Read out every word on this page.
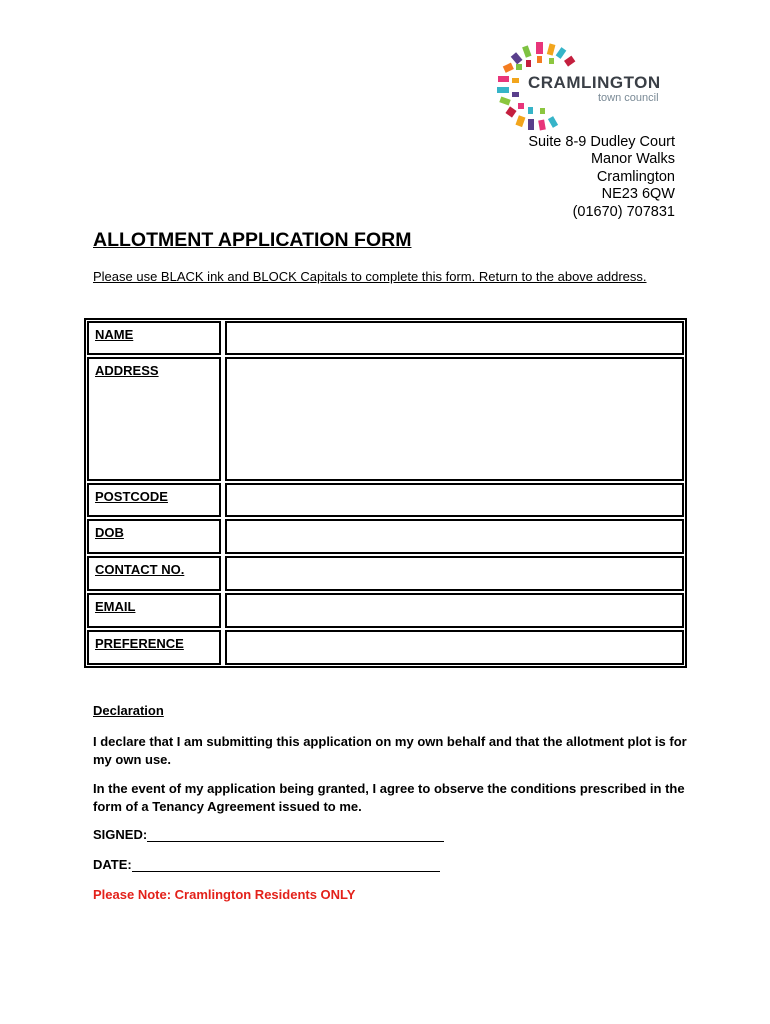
CRAMLINGTON
town council
Suite 8-9 Dudley Court
Manor Walks
Cramlington
NE23 6QW
(01670) 707831
ALLOTMENT APPLICATION FORM
Please use BLACK ink and BLOCK Capitals to complete this form. Return to the above address.
NAME
ADDRESS
POSTCODE
DOB
CONTACT NO.
EMAIL
PREFERENCE
Declaration
I declare that I am submitting this application on my own behalf and that the allotment plot is for my own use.
In the event of my application being granted, I agree to observe the conditions prescribed in the form of a Tenancy Agreement issued to me.
SIGNED:
DATE:
Please Note: Cramlington Residents ONLY
